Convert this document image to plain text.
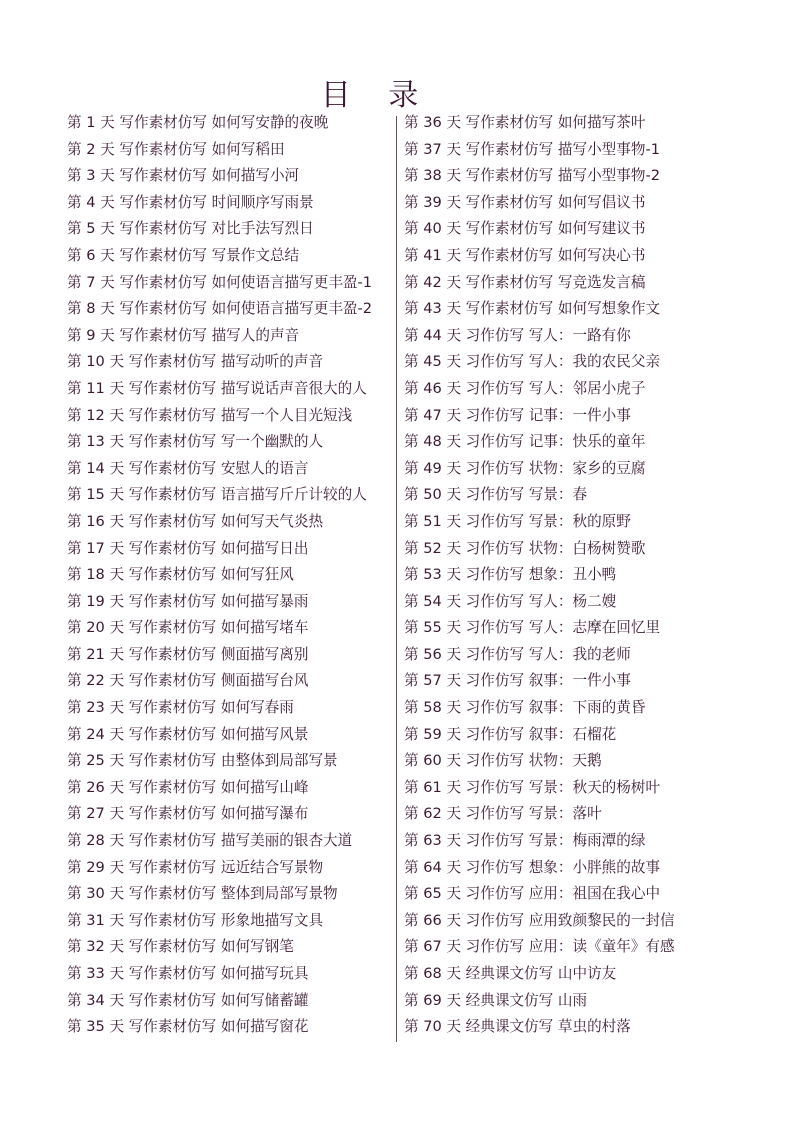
目 录
第 1 天 写作素材仿写 如何写安静的夜晚
第 2 天 写作素材仿写 如何写稻田
第 3 天 写作素材仿写 如何描写小河
第 4 天 写作素材仿写 时间顺序写雨景
第 5 天 写作素材仿写 对比手法写烈日
第 6 天 写作素材仿写 写景作文总结
第 7 天 写作素材仿写 如何使语言描写更丰盈-1
第 8 天 写作素材仿写 如何使语言描写更丰盈-2
第 9 天 写作素材仿写 描写人的声音
第 10 天 写作素材仿写 描写动听的声音
第 11 天 写作素材仿写 描写说话声音很大的人
第 12 天 写作素材仿写 描写一个人目光短浅
第 13 天 写作素材仿写 写一个幽默的人
第 14 天 写作素材仿写 安慰人的语言
第 15 天 写作素材仿写 语言描写斤斤计较的人
第 16 天 写作素材仿写 如何写天气炎热
第 17 天 写作素材仿写 如何描写日出
第 18 天 写作素材仿写 如何写狂风
第 19 天 写作素材仿写 如何描写暴雨
第 20 天 写作素材仿写 如何描写堵车
第 21 天 写作素材仿写 侧面描写离别
第 22 天 写作素材仿写 侧面描写台风
第 23 天 写作素材仿写 如何写春雨
第 24 天 写作素材仿写 如何描写风景
第 25 天 写作素材仿写 由整体到局部写景
第 26 天 写作素材仿写 如何描写山峰
第 27 天 写作素材仿写 如何描写瀑布
第 28 天 写作素材仿写 描写美丽的银杏大道
第 29 天 写作素材仿写 远近结合写景物
第 30 天 写作素材仿写 整体到局部写景物
第 31 天 写作素材仿写 形象地描写文具
第 32 天 写作素材仿写 如何写钢笔
第 33 天 写作素材仿写 如何描写玩具
第 34 天 写作素材仿写 如何写储蓄罐
第 35 天 写作素材仿写 如何描写窗花
第 36 天 写作素材仿写 如何描写茶叶
第 37 天 写作素材仿写 描写小型事物-1
第 38 天 写作素材仿写 描写小型事物-2
第 39 天 写作素材仿写 如何写倡议书
第 40 天 写作素材仿写 如何写建议书
第 41 天 写作素材仿写 如何写决心书
第 42 天 写作素材仿写 写竞选发言稿
第 43 天 写作素材仿写 如何写想象作文
第 44 天 习作仿写 写人：一路有你
第 45 天 习作仿写 写人：我的农民父亲
第 46 天 习作仿写 写人：邻居小虎子
第 47 天 习作仿写 记事：一件小事
第 48 天 习作仿写 记事：快乐的童年
第 49 天 习作仿写 状物：家乡的豆腐
第 50 天 习作仿写 写景：春
第 51 天 习作仿写 写景：秋的原野
第 52 天 习作仿写 状物：白杨树赞歌
第 53 天 习作仿写 想象：丑小鸭
第 54 天 习作仿写 写人：杨二嫂
第 55 天 习作仿写 写人：志摩在回忆里
第 56 天 习作仿写 写人：我的老师
第 57 天 习作仿写 叙事：一件小事
第 58 天 习作仿写 叙事：下雨的黄昏
第 59 天 习作仿写 叙事：石榴花
第 60 天 习作仿写 状物：天鹅
第 61 天 习作仿写 写景：秋天的杨树叶
第 62 天 习作仿写 写景：落叶
第 63 天 习作仿写 写景：梅雨潭的绿
第 64 天 习作仿写 想象：小胖熊的故事
第 65 天 习作仿写 应用：祖国在我心中
第 66 天 习作仿写 应用致颜黎民的一封信
第 67 天 习作仿写 应用：读《童年》有感
第 68 天 经典课文仿写 山中访友
第 69 天 经典课文仿写 山雨
第 70 天 经典课文仿写 草虫的村落
